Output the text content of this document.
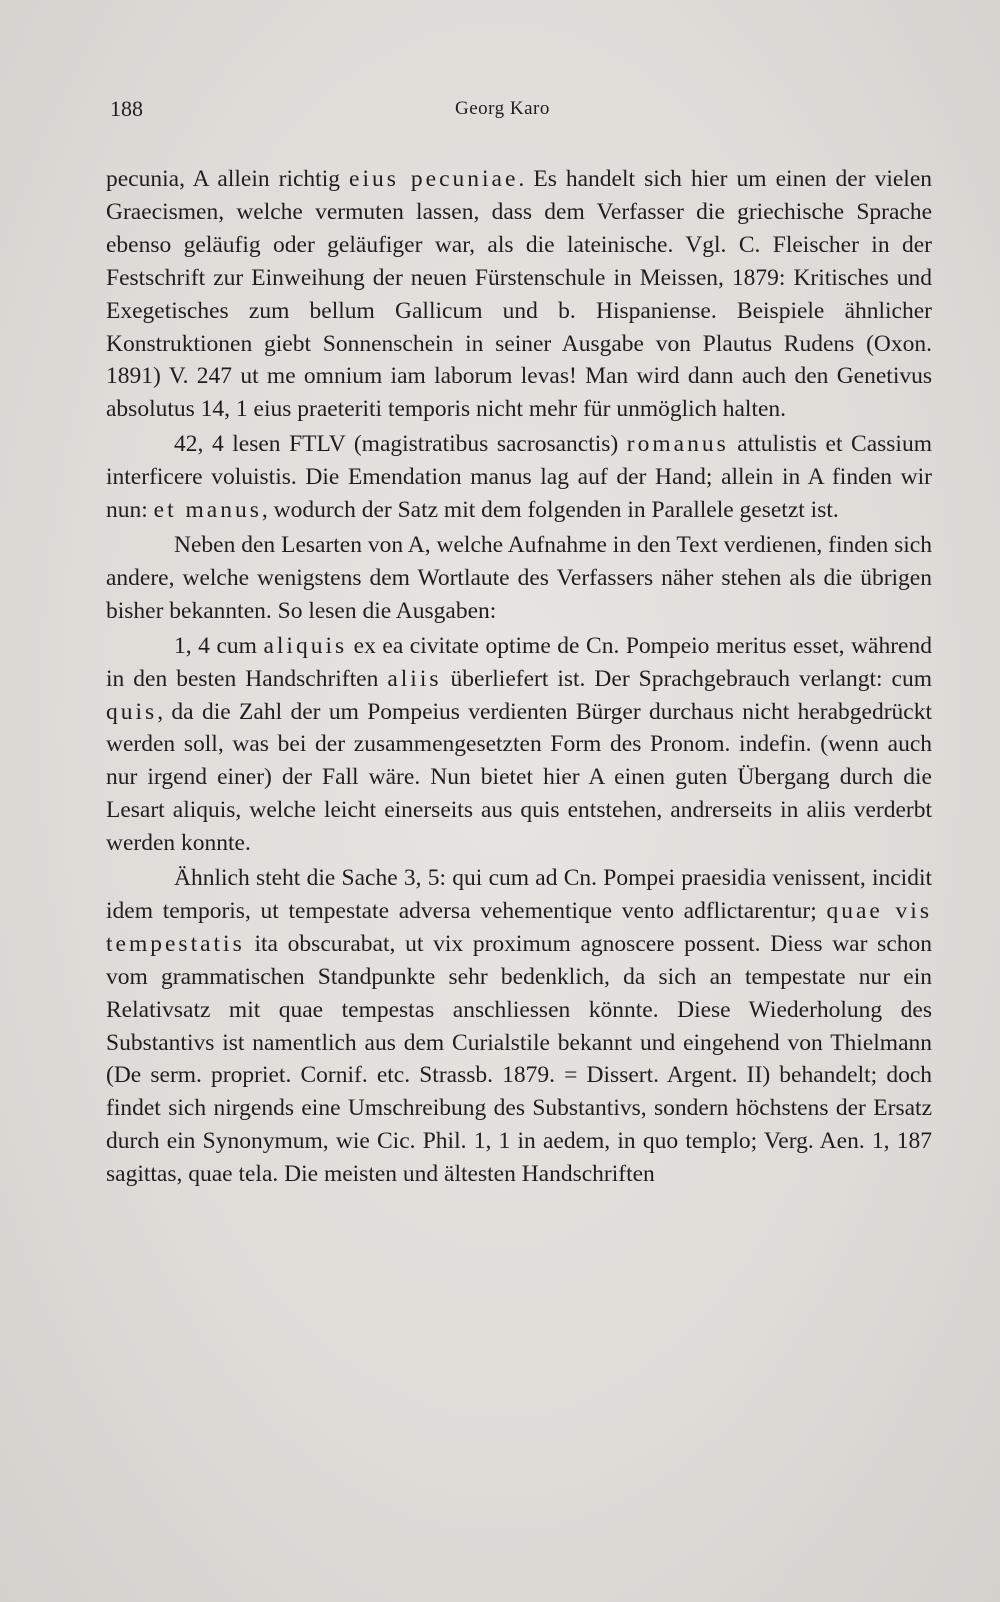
188	Georg Karo

pecunia, A allein richtig eius pecuniae. Es handelt sich hier um einen der vielen Graecismen, welche vermuten lassen, dass dem Verfasser die griechische Sprache ebenso geläufig oder geläufiger war, als die lateinische. Vgl. C. Fleischer in der Festschrift zur Einweihung der neuen Fürstenschule in Meissen, 1879: Kritisches und Exegetisches zum bellum Gallicum und b. Hispaniense. Beispiele ähnlicher Konstruktionen giebt Sonnenschein in seiner Ausgabe von Plautus Rudens (Oxon. 1891) V. 247 ut me omnium iam laborum levas! Man wird dann auch den Genetivus absolutus 14, 1 eius praeteriti temporis nicht mehr für unmöglich halten.

42, 4 lesen FTLV (magistratibus sacrosanctis) romanus attulistis et Cassium interficere voluistis. Die Emendation manus lag auf der Hand; allein in A finden wir nun: et manus, wodurch der Satz mit dem folgenden in Parallele gesetzt ist.

Neben den Lesarten von A, welche Aufnahme in den Text verdienen, finden sich andere, welche wenigstens dem Wortlaute des Verfassers näher stehen als die übrigen bisher bekannten. So lesen die Ausgaben:

1, 4 cum aliquis ex ea civitate optime de Cn. Pompeio meritus esset, während in den besten Handschriften aliis überliefert ist. Der Sprachgebrauch verlangt: cum quis, da die Zahl der um Pompeius verdienten Bürger durchaus nicht herabgedrückt werden soll, was bei der zusammengesetzten Form des Pronom. indefin. (wenn auch nur irgend einer) der Fall wäre. Nun bietet hier A einen guten Übergang durch die Lesart aliquis, welche leicht einerseits aus quis entstehen, andrerseits in aliis verderbt werden konnte.

Ähnlich steht die Sache 3, 5: qui cum ad Cn. Pompei praesidia venissent, incidit idem temporis, ut tempestate adversa vehementique vento adflictarentur; quae vis tempestatis ita obscurabat, ut vix proximum agnoscere possent. Diess war schon vom grammatischen Standpunkte sehr bedenklich, da sich an tempestate nur ein Relativsatz mit quae tempestas anschliessen könnte. Diese Wiederholung des Substantivs ist namentlich aus dem Curialstile bekannt und eingehend von Thielmann (De serm. propriet. Cornif. etc. Strassb. 1879. = Dissert. Argent. II) behandelt; doch findet sich nirgends eine Umschreibung des Substantivs, sondern höchstens der Ersatz durch ein Synonymum, wie Cic. Phil. 1, 1 in aedem, in quo templo; Verg. Aen. 1, 187 sagittas, quae tela. Die meisten und ältesten Handschriften
